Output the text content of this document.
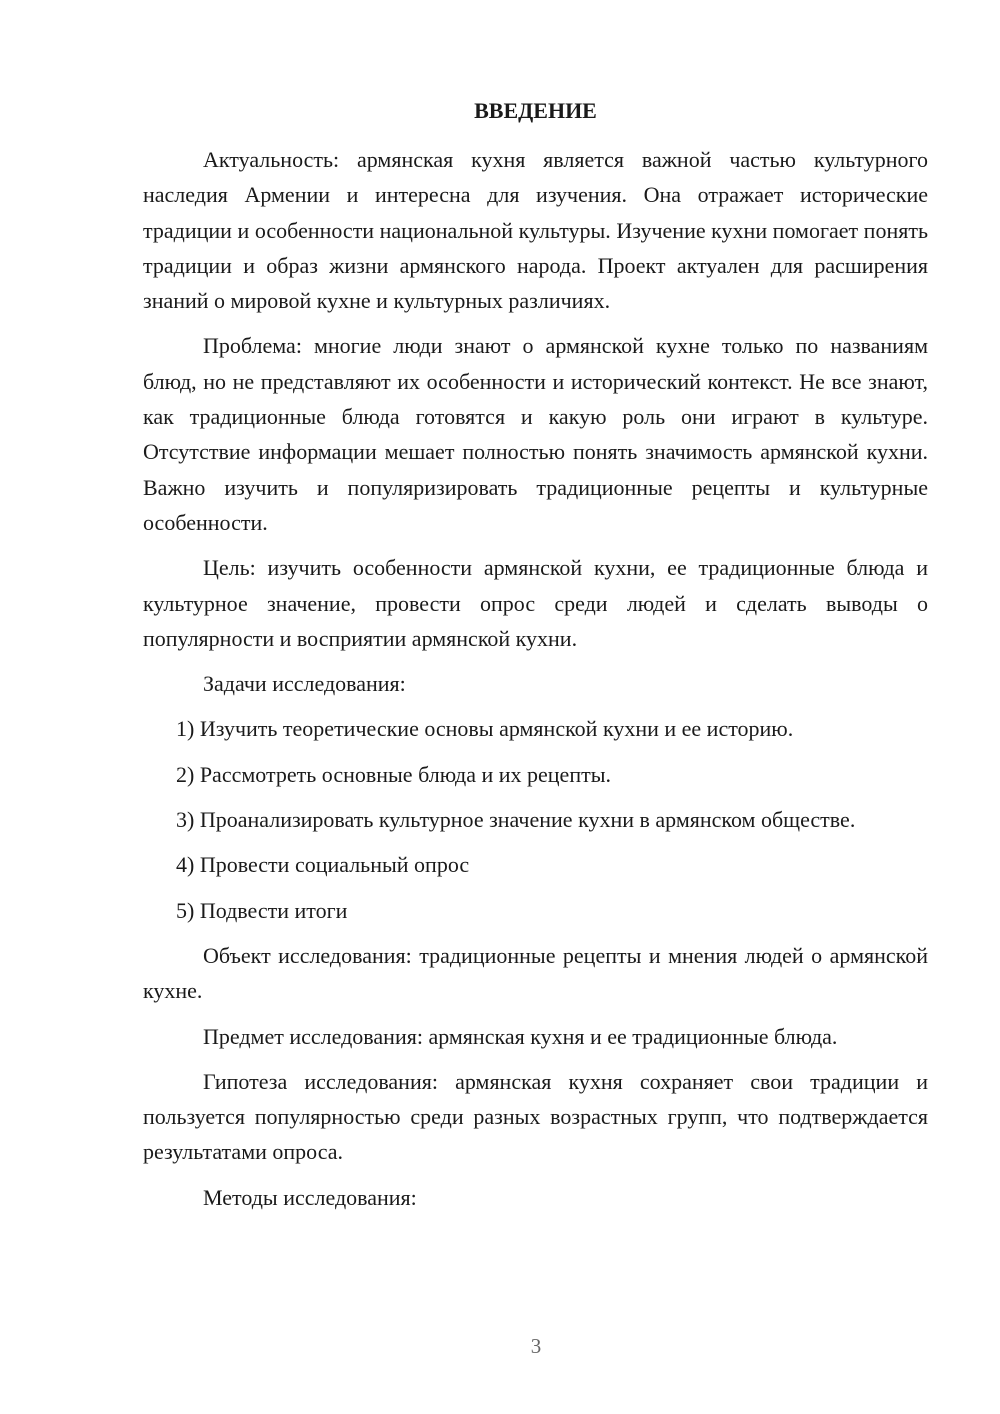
ВВЕДЕНИЕ

Актуальность: армянская кухня является важной частью культурного наследия Армении и интересна для изучения. Она отражает исторические традиции и особенности национальной культуры. Изучение кухни помогает понять традиции и образ жизни армянского народа. Проект актуален для расширения знаний о мировой кухне и культурных различиях.

Проблема: многие люди знают о армянской кухне только по названиям блюд, но не представляют их особенности и исторический контекст. Не все знают, как традиционные блюда готовятся и какую роль они играют в культуре. Отсутствие информации мешает полностью понять значимость армянской кухни. Важно изучить и популяризировать традиционные рецепты и культурные особенности.

Цель: изучить особенности армянской кухни, ее традиционные блюда и культурное значение, провести опрос среди людей и сделать выводы о популярности и восприятии армянской кухни.

Задачи исследования:

1) Изучить теоретические основы армянской кухни и ее историю.

2) Рассмотреть основные блюда и их рецепты.

3) Проанализировать культурное значение кухни в армянском обществе.

4) Провести социальный опрос

5) Подвести итоги

Объект исследования: традиционные рецепты и мнения людей о армянской кухне.

Предмет исследования: армянская кухня и ее традиционные блюда.

Гипотеза исследования: армянская кухня сохраняет свои традиции и пользуется популярностью среди разных возрастных групп, что подтверждается результатами опроса.

Методы исследования:

3
